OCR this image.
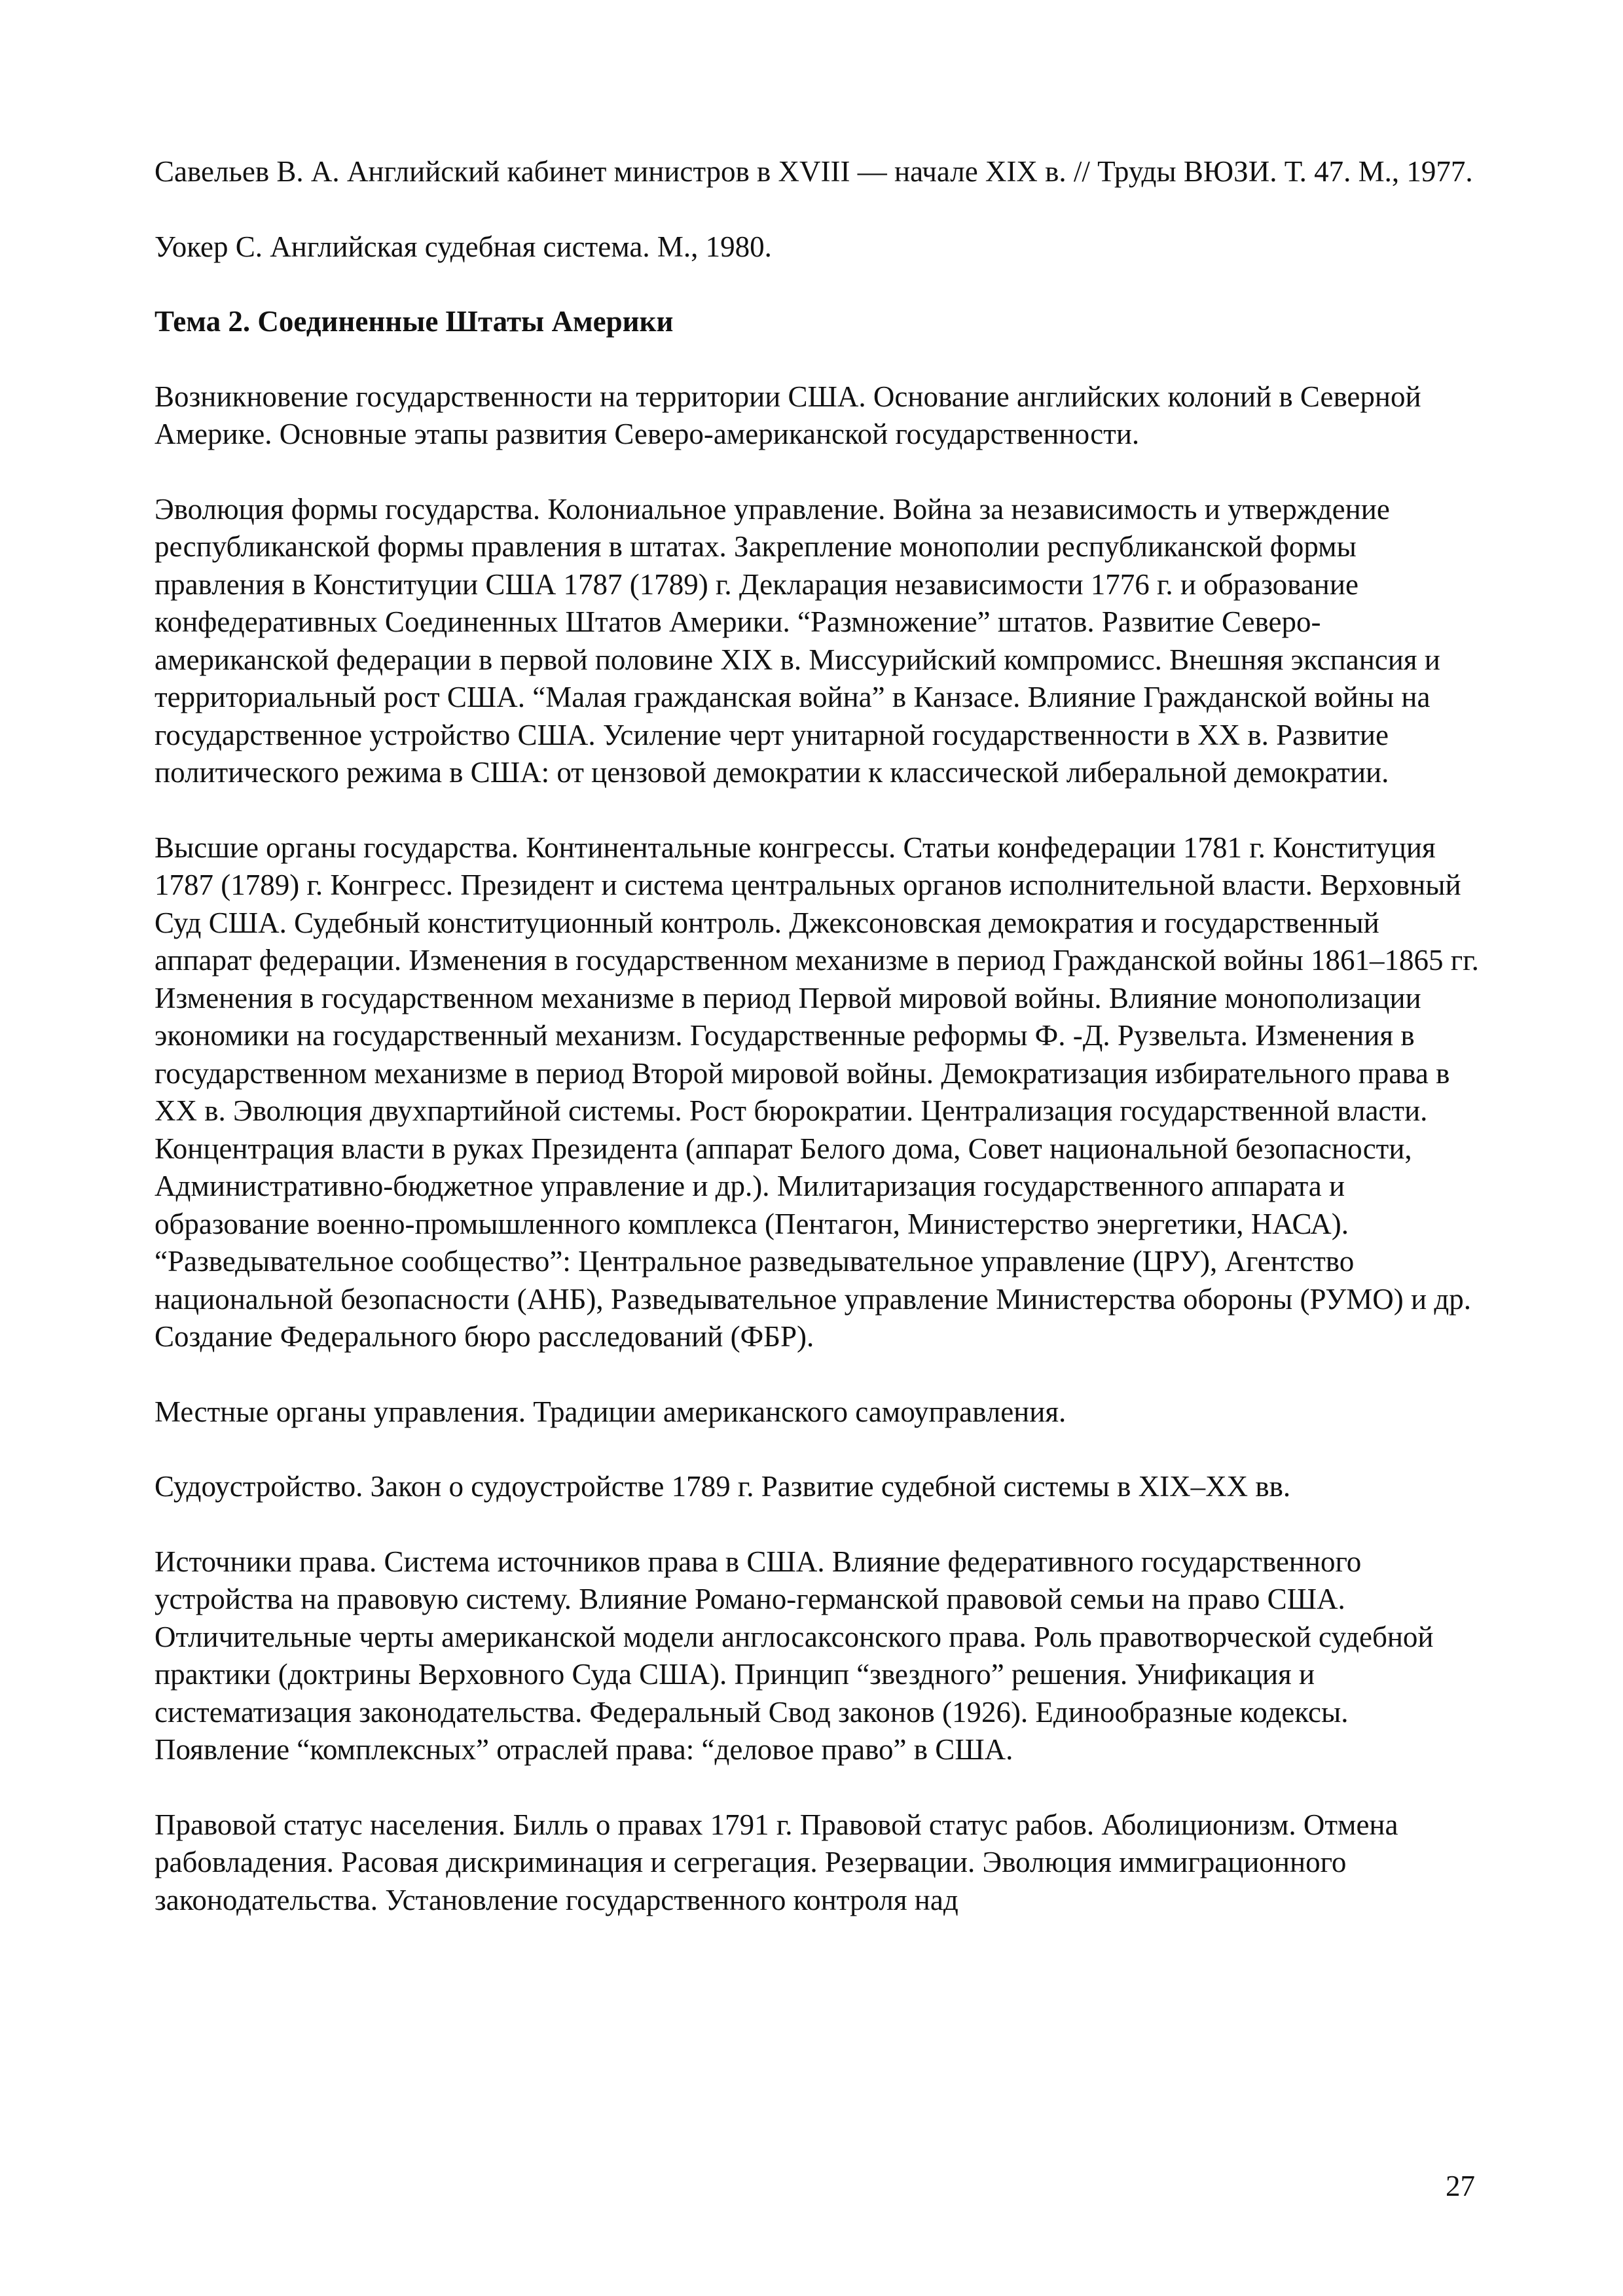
Савельев В. А. Английский кабинет министров в XVIII — начале XIX в. // Труды ВЮЗИ. Т. 47. М., 1977.

Уокер С. Английская судебная система. М., 1980.

Тема 2. Соединенные Штаты Америки

Возникновение государственности на территории США. Основание английских колоний в Северной Америке. Основные этапы развития Северо-американской государственности.

Эволюция формы государства. Колониальное управление. Война за независимость и утверждение республиканской формы правления в штатах. Закрепление монополии республиканской формы правления в Конституции США 1787 (1789) г. Декларация независимости 1776 г. и образование конфедеративных Соединенных Штатов Америки. “Размножение” штатов. Развитие Северо-американской федерации в первой половине XIX в. Миссурийский компромисс. Внешняя экспансия и территориальный рост США. “Малая гражданская война” в Канзасе. Влияние Гражданской войны на государственное устройство США. Усиление черт унитарной государственности в XX в. Развитие политического режима в США: от цензовой демократии к классической либеральной демократии.

Высшие органы государства. Континентальные конгрессы. Статьи конфедерации 1781 г. Конституция 1787 (1789) г. Конгресс. Президент и система центральных органов исполнительной власти. Верховный Суд США. Судебный конституционный контроль. Джексоновская демократия и государственный аппарат федерации. Изменения в государственном механизме в период Гражданской войны 1861–1865 гг. Изменения в государственном механизме в период Первой мировой войны. Влияние монополизации экономики на государственный механизм. Государственные реформы Ф. -Д. Рузвельта. Изменения в государственном механизме в период Второй мировой войны. Демократизация избирательного права в XX в. Эволюция двухпартийной системы. Рост бюрократии. Централизация государственной власти. Концентрация власти в руках Президента (аппарат Белого дома, Совет национальной безопасности, Административно-бюджетное управление и др.). Милитаризация государственного аппарата и образование военно-промышленного комплекса (Пентагон, Министерство энергетики, НАСА). “Разведывательное сообщество”: Центральное разведывательное управление (ЦРУ), Агентство национальной безопасности (АНБ), Разведывательное управление Министерства обороны (РУМО) и др. Создание Федерального бюро расследований (ФБР).

Местные органы управления. Традиции американского самоуправления.

Судоустройство. Закон о судоустройстве 1789 г. Развитие судебной системы в XIX–XX вв.

Источники права. Система источников права в США. Влияние федеративного государственного устройства на правовую систему. Влияние Романо-германской правовой семьи на право США. Отличительные черты американской модели англосаксонского права. Роль правотворческой судебной практики (доктрины Верховного Суда США). Принцип “звездного” решения. Унификация и систематизация законодательства. Федеральный Свод законов (1926). Единообразные кодексы. Появление “комплексных” отраслей права: “деловое право” в США.

Правовой статус населения. Билль о правах 1791 г. Правовой статус рабов. Аболиционизм. Отмена рабовладения. Расовая дискриминация и сегрегация. Резервации. Эволюция иммиграционного законодательства. Установление государственного контроля над

27
